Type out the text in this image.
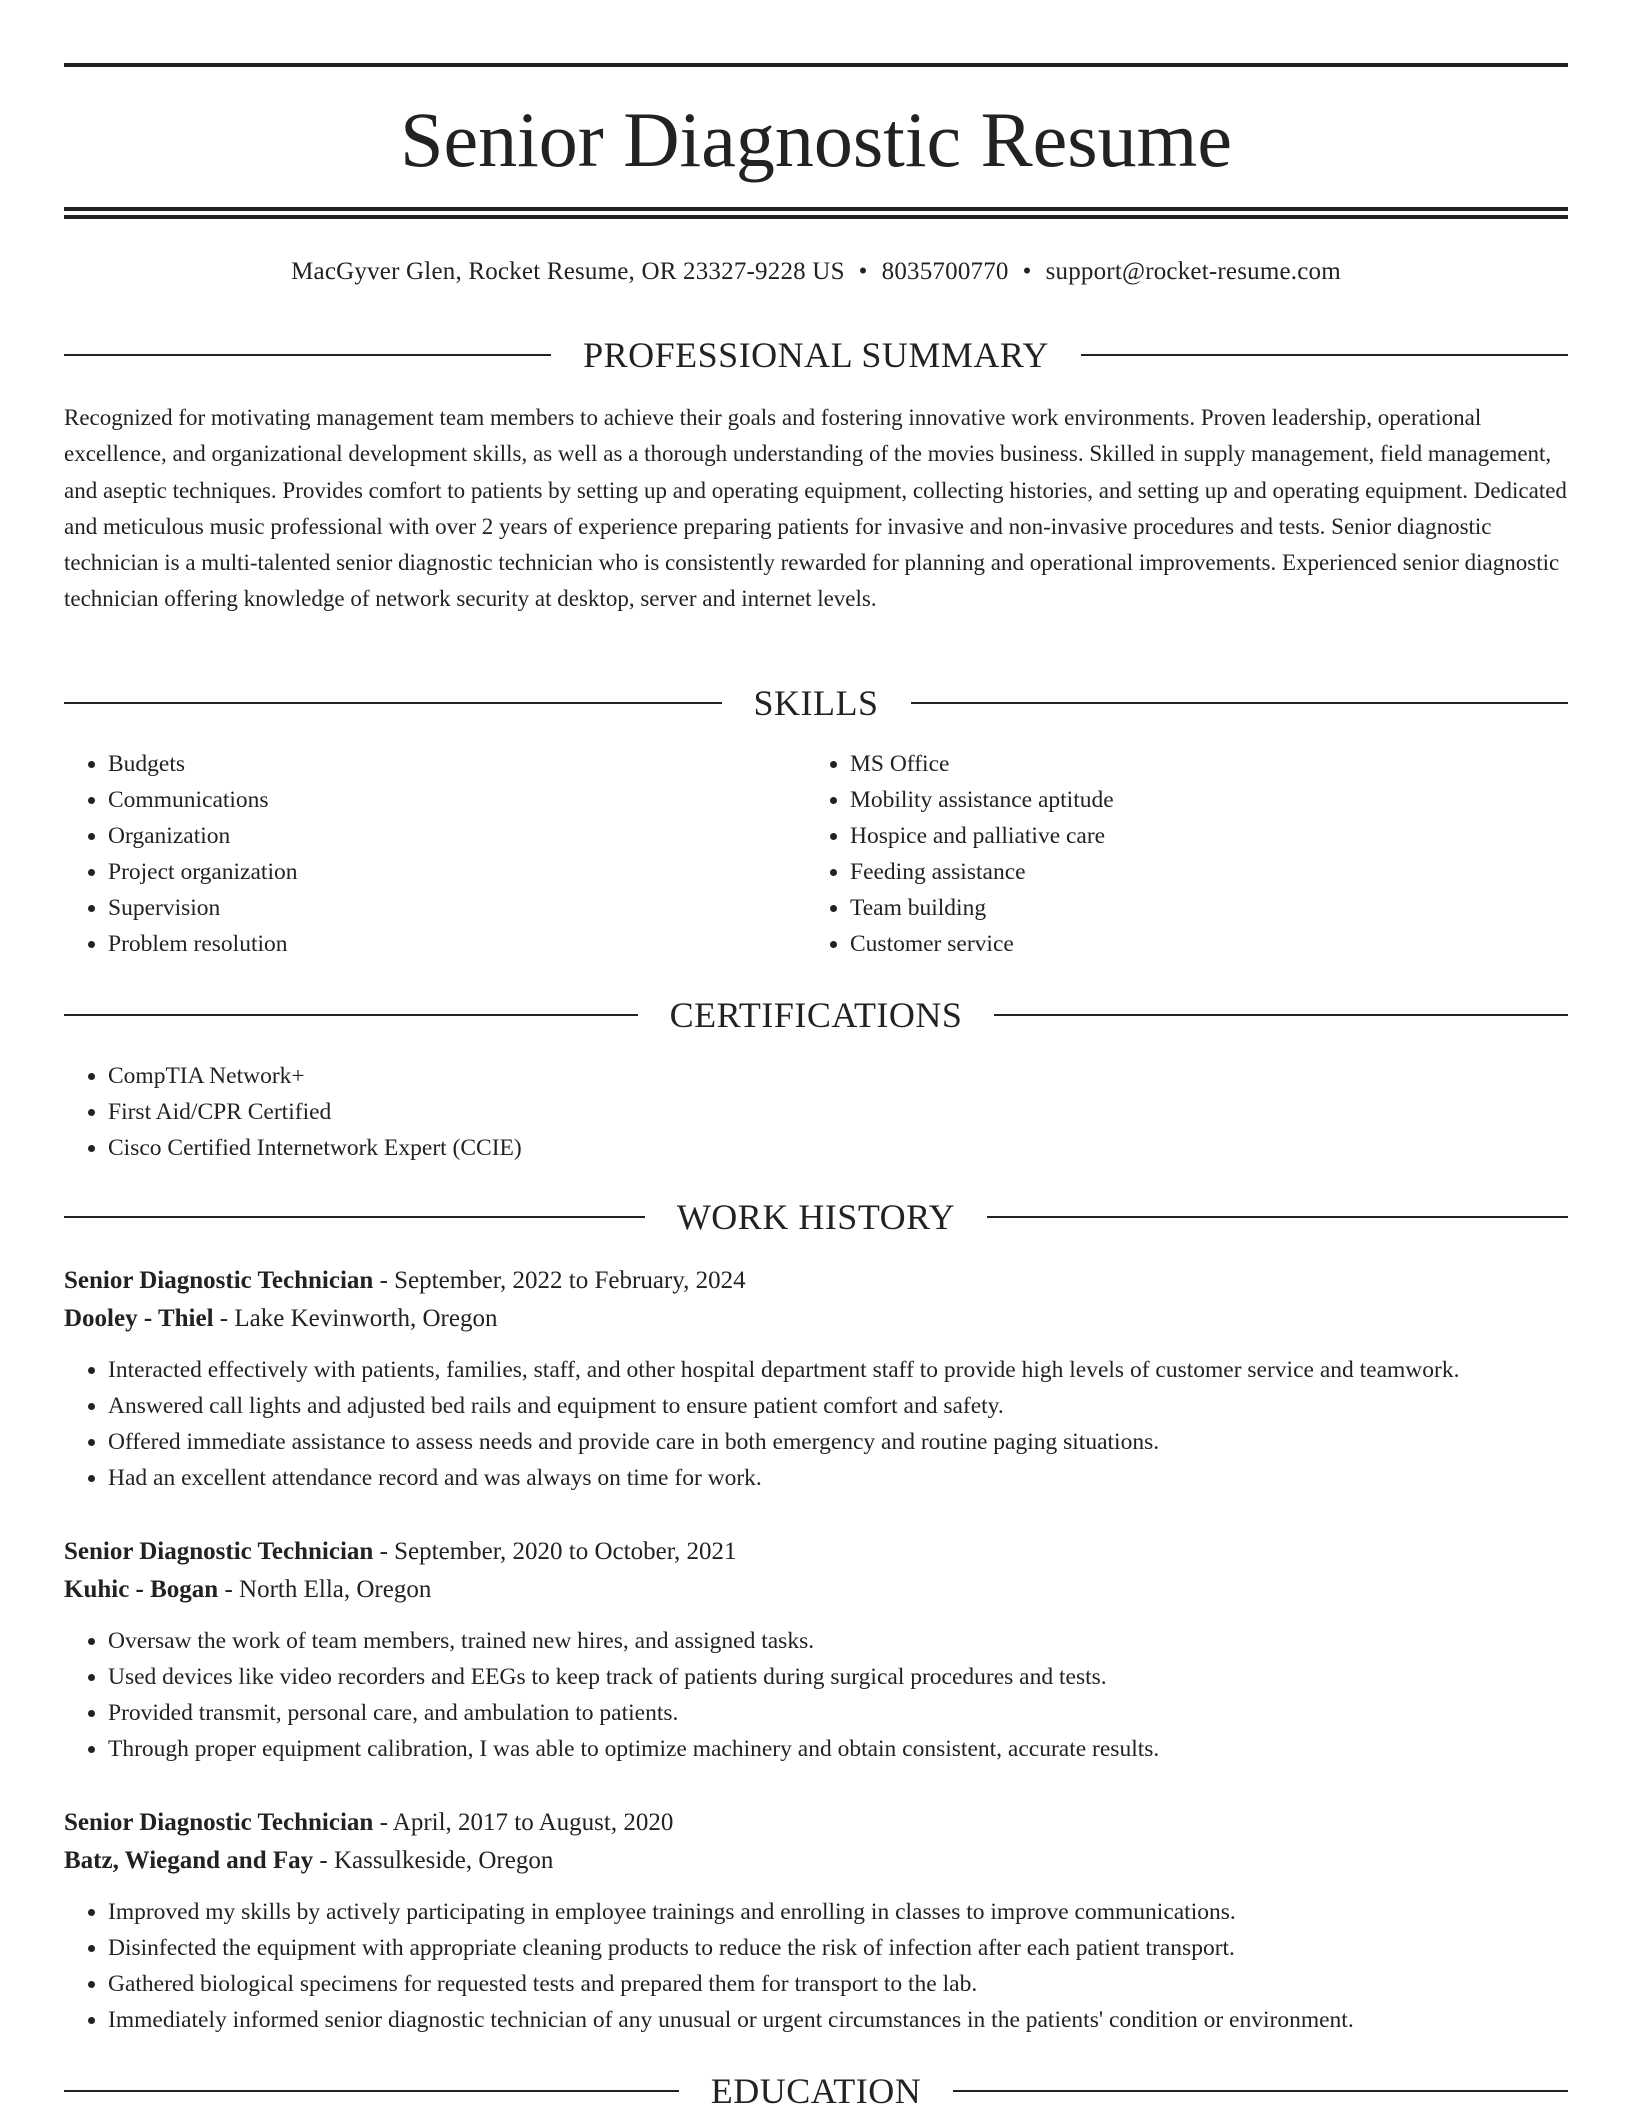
Senior Diagnostic Resume
MacGyver Glen, Rocket Resume, OR 23327-9228 US • 8035700770 • support@rocket-resume.com
PROFESSIONAL SUMMARY

Recognized for motivating management team members to achieve their goals and fostering innovative work environments. Proven leadership, operational excellence, and organizational development skills, as well as a thorough understanding of the movies business. Skilled in supply management, field management, and aseptic techniques. Provides comfort to patients by setting up and operating equipment, collecting histories, and setting up and operating equipment. Dedicated and meticulous music professional with over 2 years of experience preparing patients for invasive and non-invasive procedures and tests. Senior diagnostic technician is a multi-talented senior diagnostic technician who is consistently rewarded for planning and operational improvements. Experienced senior diagnostic technician offering knowledge of network security at desktop, server and internet levels.

SKILLS
• Budgets
• Communications
• Organization
• Project organization
• Supervision
• Problem resolution
• MS Office
• Mobility assistance aptitude
• Hospice and palliative care
• Feeding assistance
• Team building
• Customer service
CERTIFICATIONS
• CompTIA Network+
• First Aid/CPR Certified
• Cisco Certified Internetwork Expert (CCIE)
WORK HISTORY
Senior Diagnostic Technician - September, 2022 to February, 2024
Dooley - Thiel - Lake Kevinworth, Oregon
• Interacted effectively with patients, families, staff, and other hospital department staff to provide high levels of customer service and teamwork.
• Answered call lights and adjusted bed rails and equipment to ensure patient comfort and safety.
• Offered immediate assistance to assess needs and provide care in both emergency and routine paging situations.
• Had an excellent attendance record and was always on time for work.
Senior Diagnostic Technician - September, 2020 to October, 2021
Kuhic - Bogan - North Ella, Oregon
• Oversaw the work of team members, trained new hires, and assigned tasks.
• Used devices like video recorders and EEGs to keep track of patients during surgical procedures and tests.
• Provided transmit, personal care, and ambulation to patients.
• Through proper equipment calibration, I was able to optimize machinery and obtain consistent, accurate results.
Senior Diagnostic Technician - April, 2017 to August, 2020
Batz, Wiegand and Fay - Kassulkeside, Oregon
• Improved my skills by actively participating in employee trainings and enrolling in classes to improve communications.
• Disinfected the equipment with appropriate cleaning products to reduce the risk of infection after each patient transport.
• Gathered biological specimens for requested tests and prepared them for transport to the lab.
• Immediately informed senior diagnostic technician of any unusual or urgent circumstances in the patients' condition or environment.
EDUCATION
